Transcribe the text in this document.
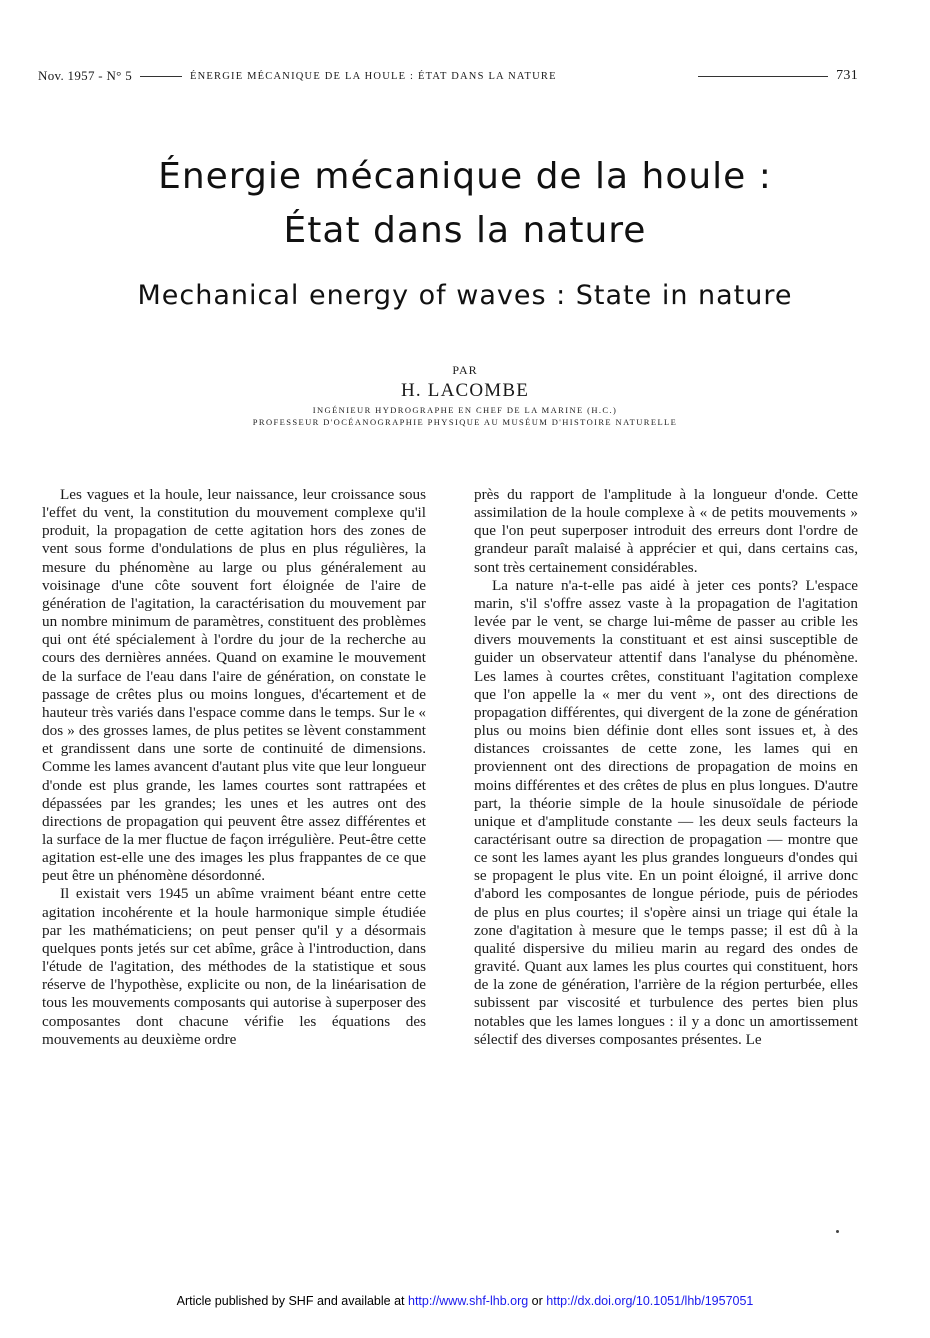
Nov. 1957 - N° 5	ÉNERGIE MÉCANIQUE DE LA HOULE : ÉTAT DANS LA NATURE	731
Énergie mécanique de la houle :
État dans la nature
Mechanical energy of waves : State in nature
PAR
H. LACOMBE
INGÉNIEUR HYDROGRAPHE EN CHEF DE LA MARINE (H.C.)
PROFESSEUR D'OCÉANOGRAPHIE PHYSIQUE AU MUSÉUM D'HISTOIRE NATURELLE

Les vagues et la houle, leur naissance, leur croissance sous l'effet du vent, la constitution du mouvement complexe qu'il produit, la propagation de cette agitation hors des zones de vent sous forme d'ondulations de plus en plus régulières, la mesure du phénomène au large ou plus généralement au voisinage d'une côte souvent fort éloignée de l'aire de génération de l'agitation, la caractérisation du mouvement par un nombre minimum de paramètres, constituent des problèmes qui ont été spécialement à l'ordre du jour de la recherche au cours des dernières années. Quand on examine le mouvement de la surface de l'eau dans l'aire de génération, on constate le passage de crêtes plus ou moins longues, d'écartement et de hauteur très variés dans l'espace comme dans le temps. Sur le « dos » des grosses lames, de plus petites se lèvent constamment et grandissent dans une sorte de continuité de dimensions. Comme les lames avancent d'autant plus vite que leur longueur d'onde est plus grande, les lames courtes sont rattrapées et dépassées par les grandes; les unes et les autres ont des directions de propagation qui peuvent être assez différentes et la surface de la mer fluctue de façon irrégulière. Peut-être cette agitation est-elle une des images les plus frappantes de ce que peut être un phénomène désordonné.

Il existait vers 1945 un abîme vraiment béant entre cette agitation incohérente et la houle harmonique simple étudiée par les mathématiciens; on peut penser qu'il y a désormais quelques ponts jetés sur cet abîme, grâce à l'introduction, dans l'étude de l'agitation, des méthodes de la statistique et sous réserve de l'hypothèse, explicite ou non, de la linéarisation de tous les mouvements composants qui autorise à superposer des composantes dont chacune vérifie les équations des mouvements au deuxième ordre

près du rapport de l'amplitude à la longueur d'onde. Cette assimilation de la houle complexe à « de petits mouvements » que l'on peut superposer introduit des erreurs dont l'ordre de grandeur paraît malaisé à apprécier et qui, dans certains cas, sont très certainement considérables.

La nature n'a-t-elle pas aidé à jeter ces ponts? L'espace marin, s'il s'offre assez vaste à la propagation de l'agitation levée par le vent, se charge lui-même de passer au crible les divers mouvements la constituant et est ainsi susceptible de guider un observateur attentif dans l'analyse du phénomène. Les lames à courtes crêtes, constituant l'agitation complexe que l'on appelle la « mer du vent », ont des directions de propagation différentes, qui divergent de la zone de génération plus ou moins bien définie dont elles sont issues et, à des distances croissantes de cette zone, les lames qui en proviennent ont des directions de propagation de moins en moins différentes et des crêtes de plus en plus longues. D'autre part, la théorie simple de la houle sinusoïdale de période unique et d'amplitude constante — les deux seuls facteurs la caractérisant outre sa direction de propagation — montre que ce sont les lames ayant les plus grandes longueurs d'ondes qui se propagent le plus vite. En un point éloigné, il arrive donc d'abord les composantes de longue période, puis de périodes de plus en plus courtes; il s'opère ainsi un triage qui étale la zone d'agitation à mesure que le temps passe; il est dû à la qualité dispersive du milieu marin au regard des ondes de gravité. Quant aux lames les plus courtes qui constituent, hors de la zone de génération, l'arrière de la région perturbée, elles subissent par viscosité et turbulence des pertes bien plus notables que les lames longues : il y a donc un amortissement sélectif des diverses composantes présentes. Le

Article published by SHF and available at http://www.shf-lhb.org or http://dx.doi.org/10.1051/lhb/1957051
